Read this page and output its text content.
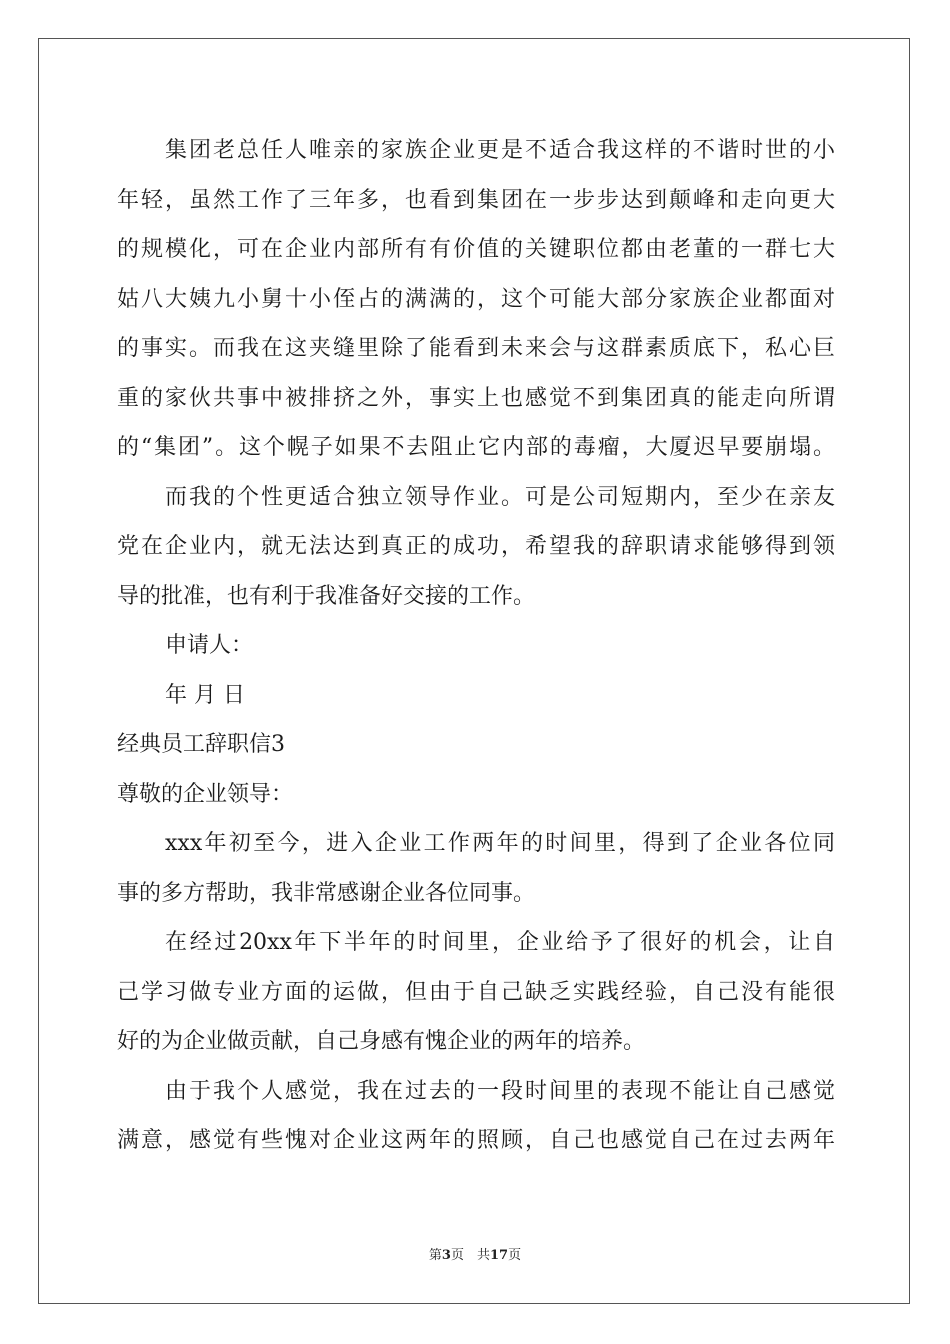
集团老总任人唯亲的家族企业更是不适合我这样的不谐时世的小
年轻，虽然工作了三年多，也看到集团在一步步达到颠峰和走向更大
的规模化，可在企业内部所有有价值的关键职位都由老董的一群七大
姑八大姨九小舅十小侄占的满满的，这个可能大部分家族企业都面对
的事实。而我在这夹缝里除了能看到未来会与这群素质底下，私心巨
重的家伙共事中被排挤之外，事实上也感觉不到集团真的能走向所谓
的“集团”。这个幌子如果不去阻止它内部的毒瘤，大厦迟早要崩塌。
而我的个性更适合独立领导作业。可是公司短期内，至少在亲友
党在企业内，就无法达到真正的成功，希望我的辞职请求能够得到领
导的批准，也有利于我准备好交接的工作。
申请人：
年 月 日
经典员工辞职信3
尊敬的企业领导：
xxx年初至今，进入企业工作两年的时间里，得到了企业各位同
事的多方帮助，我非常感谢企业各位同事。
在经过20xx年下半年的时间里，企业给予了很好的机会，让自
己学习做专业方面的运做，但由于自己缺乏实践经验，自己没有能很
好的为企业做贡献，自己身感有愧企业的两年的培养。
由于我个人感觉，我在过去的一段时间里的表现不能让自己感觉
满意，感觉有些愧对企业这两年的照顾，自己也感觉自己在过去两年
第3页　共17页
